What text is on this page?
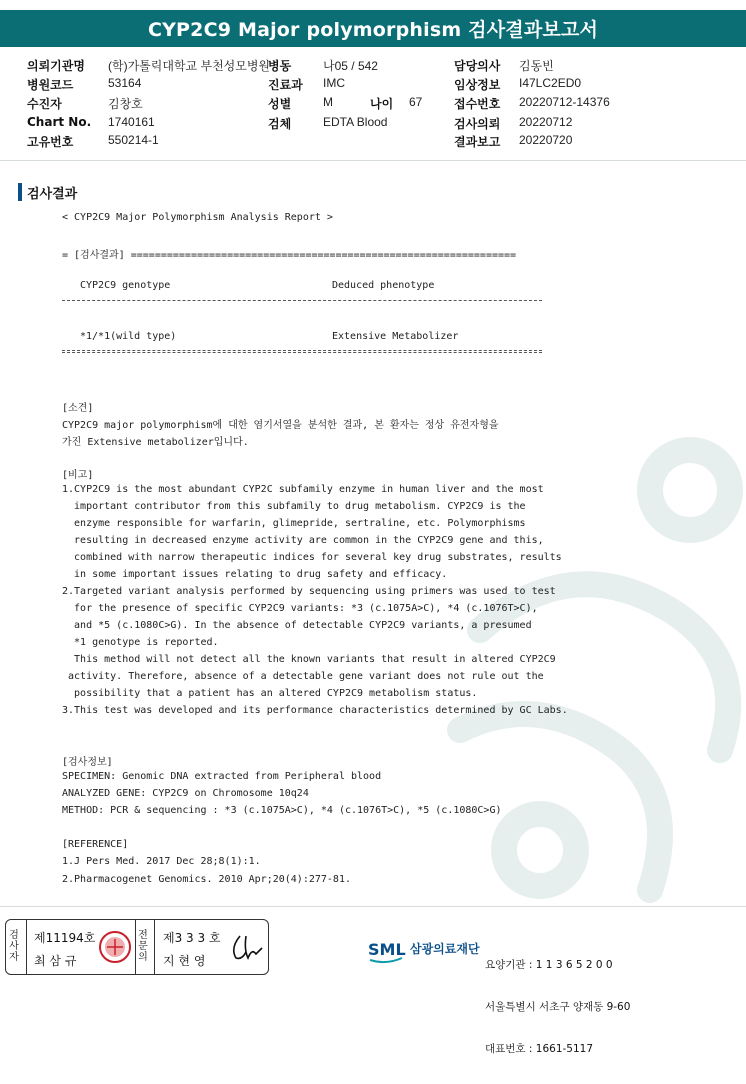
CYP2C9 Major polymorphism 검사결과보고서
의뢰기관명 (학)가톨릭대학교 부천성모병원
병원코드	53164
수진자	김창호
Chart No. 1740161
고유번호	550214-1
병동	나05 / 542
진료과 IMC
성별	M	나이 67
검체	EDTA Blood
담당의사 김동빈
임상정보 I47LC2ED0
접수번호 20220712-14376
검사의뢰 20220712
결과보고 20220720
검사결과
< CYP2C9 Major Polymorphism Analysis Report >
= [검사결과] ================================================================
CYP2C9 genotype	Deduced phenotype
*1/*1(wild type)	Extensive Metabolizer
[소견]
CYP2C9 major polymorphism에 대한 염기서열을 분석한 결과, 본 환자는 정상 유전자형을
가진 Extensive metabolizer입니다.
[비고]
1.CYP2C9 is the most abundant CYP2C subfamily enzyme in human liver and the most
important contributor from this subfamily to drug metabolism. CYP2C9 is the
enzyme responsible for warfarin, glimepride, sertraline, etc. Polymorphisms
resulting in decreased enzyme activity are common in the CYP2C9 gene and this,
combined with narrow therapeutic indices for several key drug substrates, results
in some important issues relating to drug safety and efficacy.
2.Targeted variant analysis performed by sequencing using primers was used to test
for the presence of specific CYP2C9 variants: *3 (c.1075A>C), *4 (c.1076T>C),
and *5 (c.1080C>G). In the absence of detectable CYP2C9 variants, a presumed
*1 genotype is reported.
This method will not detect all the known variants that result in altered CYP2C9
activity. Therefore, absence of a detectable gene variant does not rule out the
possibility that a patient has an altered CYP2C9 metabolism status.
3.This test was developed and its performance characteristics determined by GC Labs.
[검사정보]
SPECIMEN: Genomic DNA extracted from Peripheral blood
ANALYZED GENE: CYP2C9 on Chromosome 10q24
METHOD: PCR & sequencing : *3 (c.1075A>C), *4 (c.1076T>C), *5 (c.1080C>G)
[REFERENCE]
1.J Pers Med. 2017 Dec 28;8(1):1.
2.Pharmacogenet Genomics. 2010 Apr;20(4):277-81.
검사자
제11194호
최 삼 규
전문의
제3 3 3 호
지 현 영
SML 삼광의료재단

요양기관 : 1 1 3 6 5 2 0 0

서울특별시 서초구 양재동 9-60

대표번호 : 1661-5117
